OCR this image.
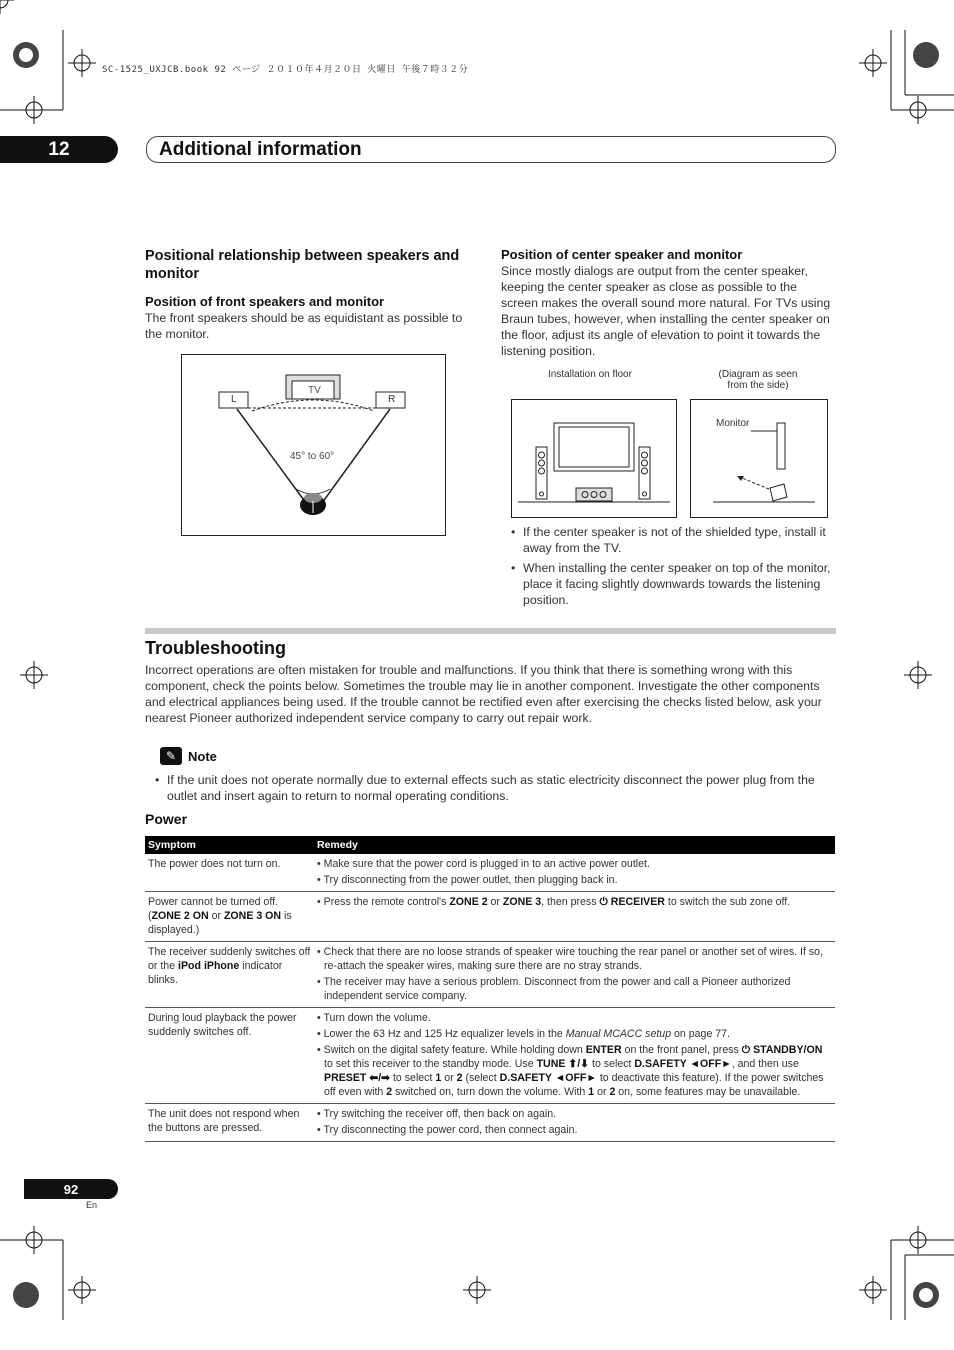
SC-1525_UXJCB.book 92 ページ ２０１０年４月２０日 火曜日 午後７時３２分
12	Additional information
Positional relationship between speakers and monitor
Position of front speakers and monitor
The front speakers should be as equidistant as possible to the monitor.
TV
L	R
45° to 60°
Position of center speaker and monitor
Since mostly dialogs are output from the center speaker, keeping the center speaker as close as possible to the screen makes the overall sound more natural. For TVs using Braun tubes, however, when installing the center speaker on the floor, adjust its angle of elevation to point it towards the listening position.
Installation on floor	(Diagram as seen from the side)
Monitor
• If the center speaker is not of the shielded type, install it away from the TV.
• When installing the center speaker on top of the monitor, place it facing slightly downwards towards the listening position.
Troubleshooting
Incorrect operations are often mistaken for trouble and malfunctions. If you think that there is something wrong with this component, check the points below. Sometimes the trouble may lie in another component. Investigate the other components and electrical appliances being used. If the trouble cannot be rectified even after exercising the checks listed below, ask your nearest Pioneer authorized independent service company to carry out repair work.
✎ Note
• If the unit does not operate normally due to external effects such as static electricity disconnect the power plug from the outlet and insert again to return to normal operating conditions.
Power
Symptom	Remedy
The power does not turn on.	• Make sure that the power cord is plugged in to an active power outlet.
• Try disconnecting from the power outlet, then plugging back in.

Power cannot be turned off. (ZONE 2 ON or ZONE 3 ON is displayed.)	• Press the remote control's ZONE 2 or ZONE 3, then press ⏻ RECEIVER to switch the sub zone off.

The receiver suddenly switches off or the iPod iPhone indicator blinks.	• Check that there are no loose strands of speaker wire touching the rear panel or another set of wires. If so, re-attach the speaker wires, making sure there are no stray strands.
• The receiver may have a serious problem. Disconnect from the power and call a Pioneer authorized independent service company.

During loud playback the power suddenly switches off.	• Turn down the volume.
• Lower the 63 Hz and 125 Hz equalizer levels in the Manual MCACC setup on page 77.
• Switch on the digital safety feature. While holding down ENTER on the front panel, press ⏻ STANDBY/ON to set this receiver to the standby mode. Use TUNE ⬆/⬇ to select D.SAFETY ◄OFF►, and then use PRESET ⬅/➡ to select 1 or 2 (select D.SAFETY ◄OFF► to deactivate this feature). If the power switches off even with 2 switched on, turn down the volume. With 1 or 2 on, some features may be unavailable.

The unit does not respond when the buttons are pressed.	• Try switching the receiver off, then back on again.
• Try disconnecting the power cord, then connect again.
92
En
